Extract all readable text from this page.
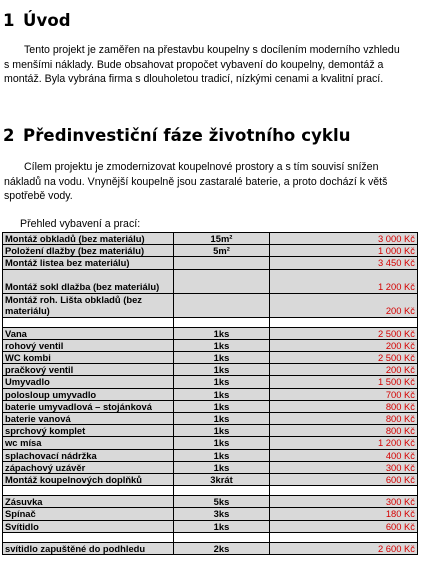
1 Úvod

Tento projekt je zaměřen na přestavbu koupelny s docílením moderního vzhledu

s menšími náklady. Bude obsahovat propočet vybavení do koupelny, demontáž a

montáž. Byla vybrána firma s dlouholetou tradicí, nízkými cenami a kvalitní prací.

2 Předinvestiční fáze životního cyklu

Cílem projektu je zmodernizovat koupelnové prostory a s tím souvisí snížen

nákladů na vodu. Vnynější koupelně jsou zastaralé baterie, a proto dochází k větš

spotřebě vody.

Přehled vybavení a prací:
Montáž obkladů (bez materiálu)	15m²	3 000 Kč
Položení dlažby (bez materiálu)	5m²	1 000 Kč
Montáž listea bez materiálu)		3 450 Kč
Montáž sokl dlažba (bez materiálu)		1 200 Kč
Montáž roh. Lišta obkladů (bez materiálu)		200 Kč

Vana	1ks	2 500 Kč
rohový ventil	1ks	200 Kč
WC kombi	1ks	2 500 Kč
pračkový ventil	1ks	200 Kč
Umyvadlo	1ks	1 500 Kč
polosloup umyvadlo	1ks	700 Kč
baterie umyvadlová – stojánková	1ks	800 Kč
baterie vanová	1ks	800 Kč
sprchový komplet	1ks	800 Kč
wc mísa	1ks	1 200 Kč
splachovací nádržka	1ks	400 Kč
zápachový uzávěr	1ks	300 Kč
Montáž koupelnových doplňků	3krát	600 Kč

Zásuvka	5ks	300 Kč
Spínač	3ks	180 Kč
Svítidlo	1ks	600 Kč

svítidlo zapuštěné do podhledu	2ks	2 600 Kč
